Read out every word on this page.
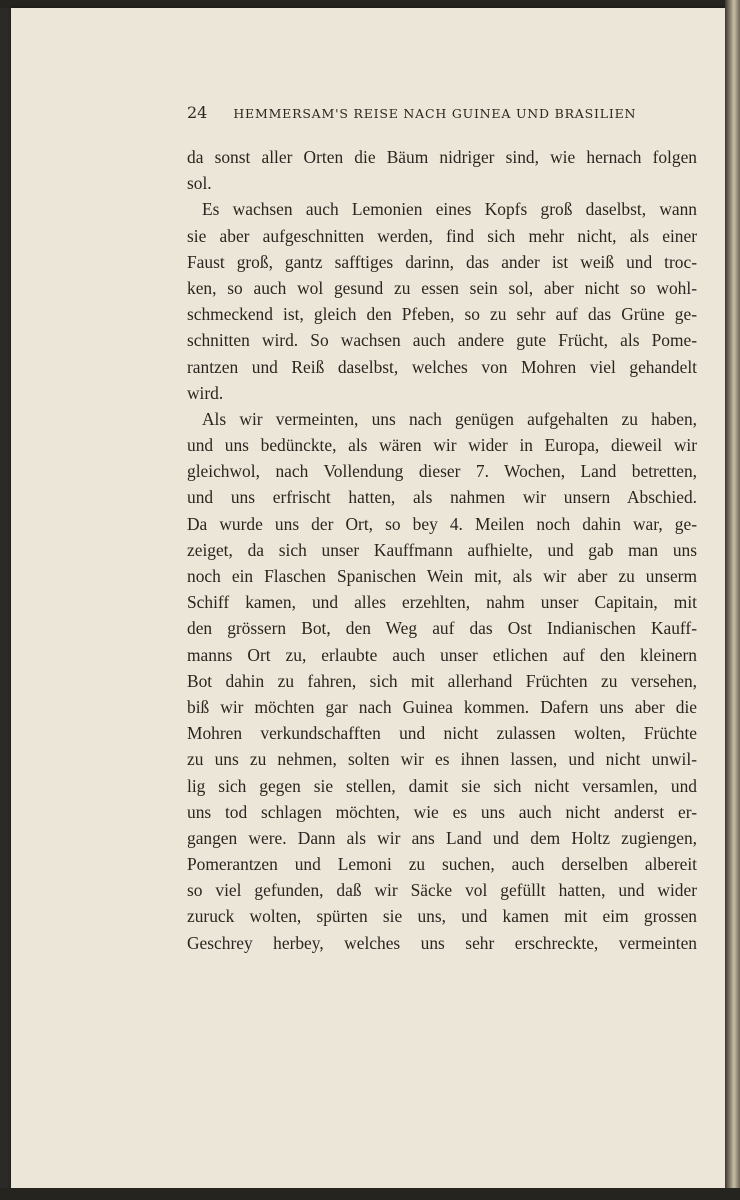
24 HEMMERSAM'S REISE NACH GUINEA UND BRASILIEN
da sonst aller Orten die Bäum nidriger sind, wie hernach folgen
sol.
Es wachsen auch Lemonien eines Kopfs groß daselbst, wann
sie aber aufgeschnitten werden, find sich mehr nicht, als einer
Faust groß, gantz safftiges darinn, das ander ist weiß und troc-
ken, so auch wol gesund zu essen sein sol, aber nicht so wohl-
schmeckend ist, gleich den Pfeben, so zu sehr auf das Grüne ge-
schnitten wird. So wachsen auch andere gute Frücht, als Pome-
rantzen und Reiß daselbst, welches von Mohren viel gehandelt
wird.
Als wir vermeinten, uns nach genügen aufgehalten zu haben,
und uns bedünckte, als wären wir wider in Europa, dieweil wir
gleichwol, nach Vollendung dieser 7. Wochen, Land betretten,
und uns erfrischt hatten, als nahmen wir unsern Abschied.
Da wurde uns der Ort, so bey 4. Meilen noch dahin war, ge-
zeiget, da sich unser Kauffmann aufhielte, und gab man uns
noch ein Flaschen Spanischen Wein mit, als wir aber zu unserm
Schiff kamen, und alles erzehlten, nahm unser Capitain, mit
den grössern Bot, den Weg auf das Ost Indianischen Kauff-
manns Ort zu, erlaubte auch unser etlichen auf den kleinern
Bot dahin zu fahren, sich mit allerhand Früchten zu versehen,
biß wir möchten gar nach Guinea kommen. Dafern uns aber die
Mohren verkundschafften und nicht zulassen wolten, Früchte
zu uns zu nehmen, solten wir es ihnen lassen, und nicht unwil-
lig sich gegen sie stellen, damit sie sich nicht versamlen, und
uns tod schlagen möchten, wie es uns auch nicht anderst er-
gangen were. Dann als wir ans Land und dem Holtz zugiengen,
Pomerantzen und Lemoni zu suchen, auch derselben albereit
so viel gefunden, daß wir Säcke vol gefüllt hatten, und wider
zuruck wolten, spürten sie uns, und kamen mit eim grossen
Geschrey herbey, welches uns sehr erschreckte, vermeinten
